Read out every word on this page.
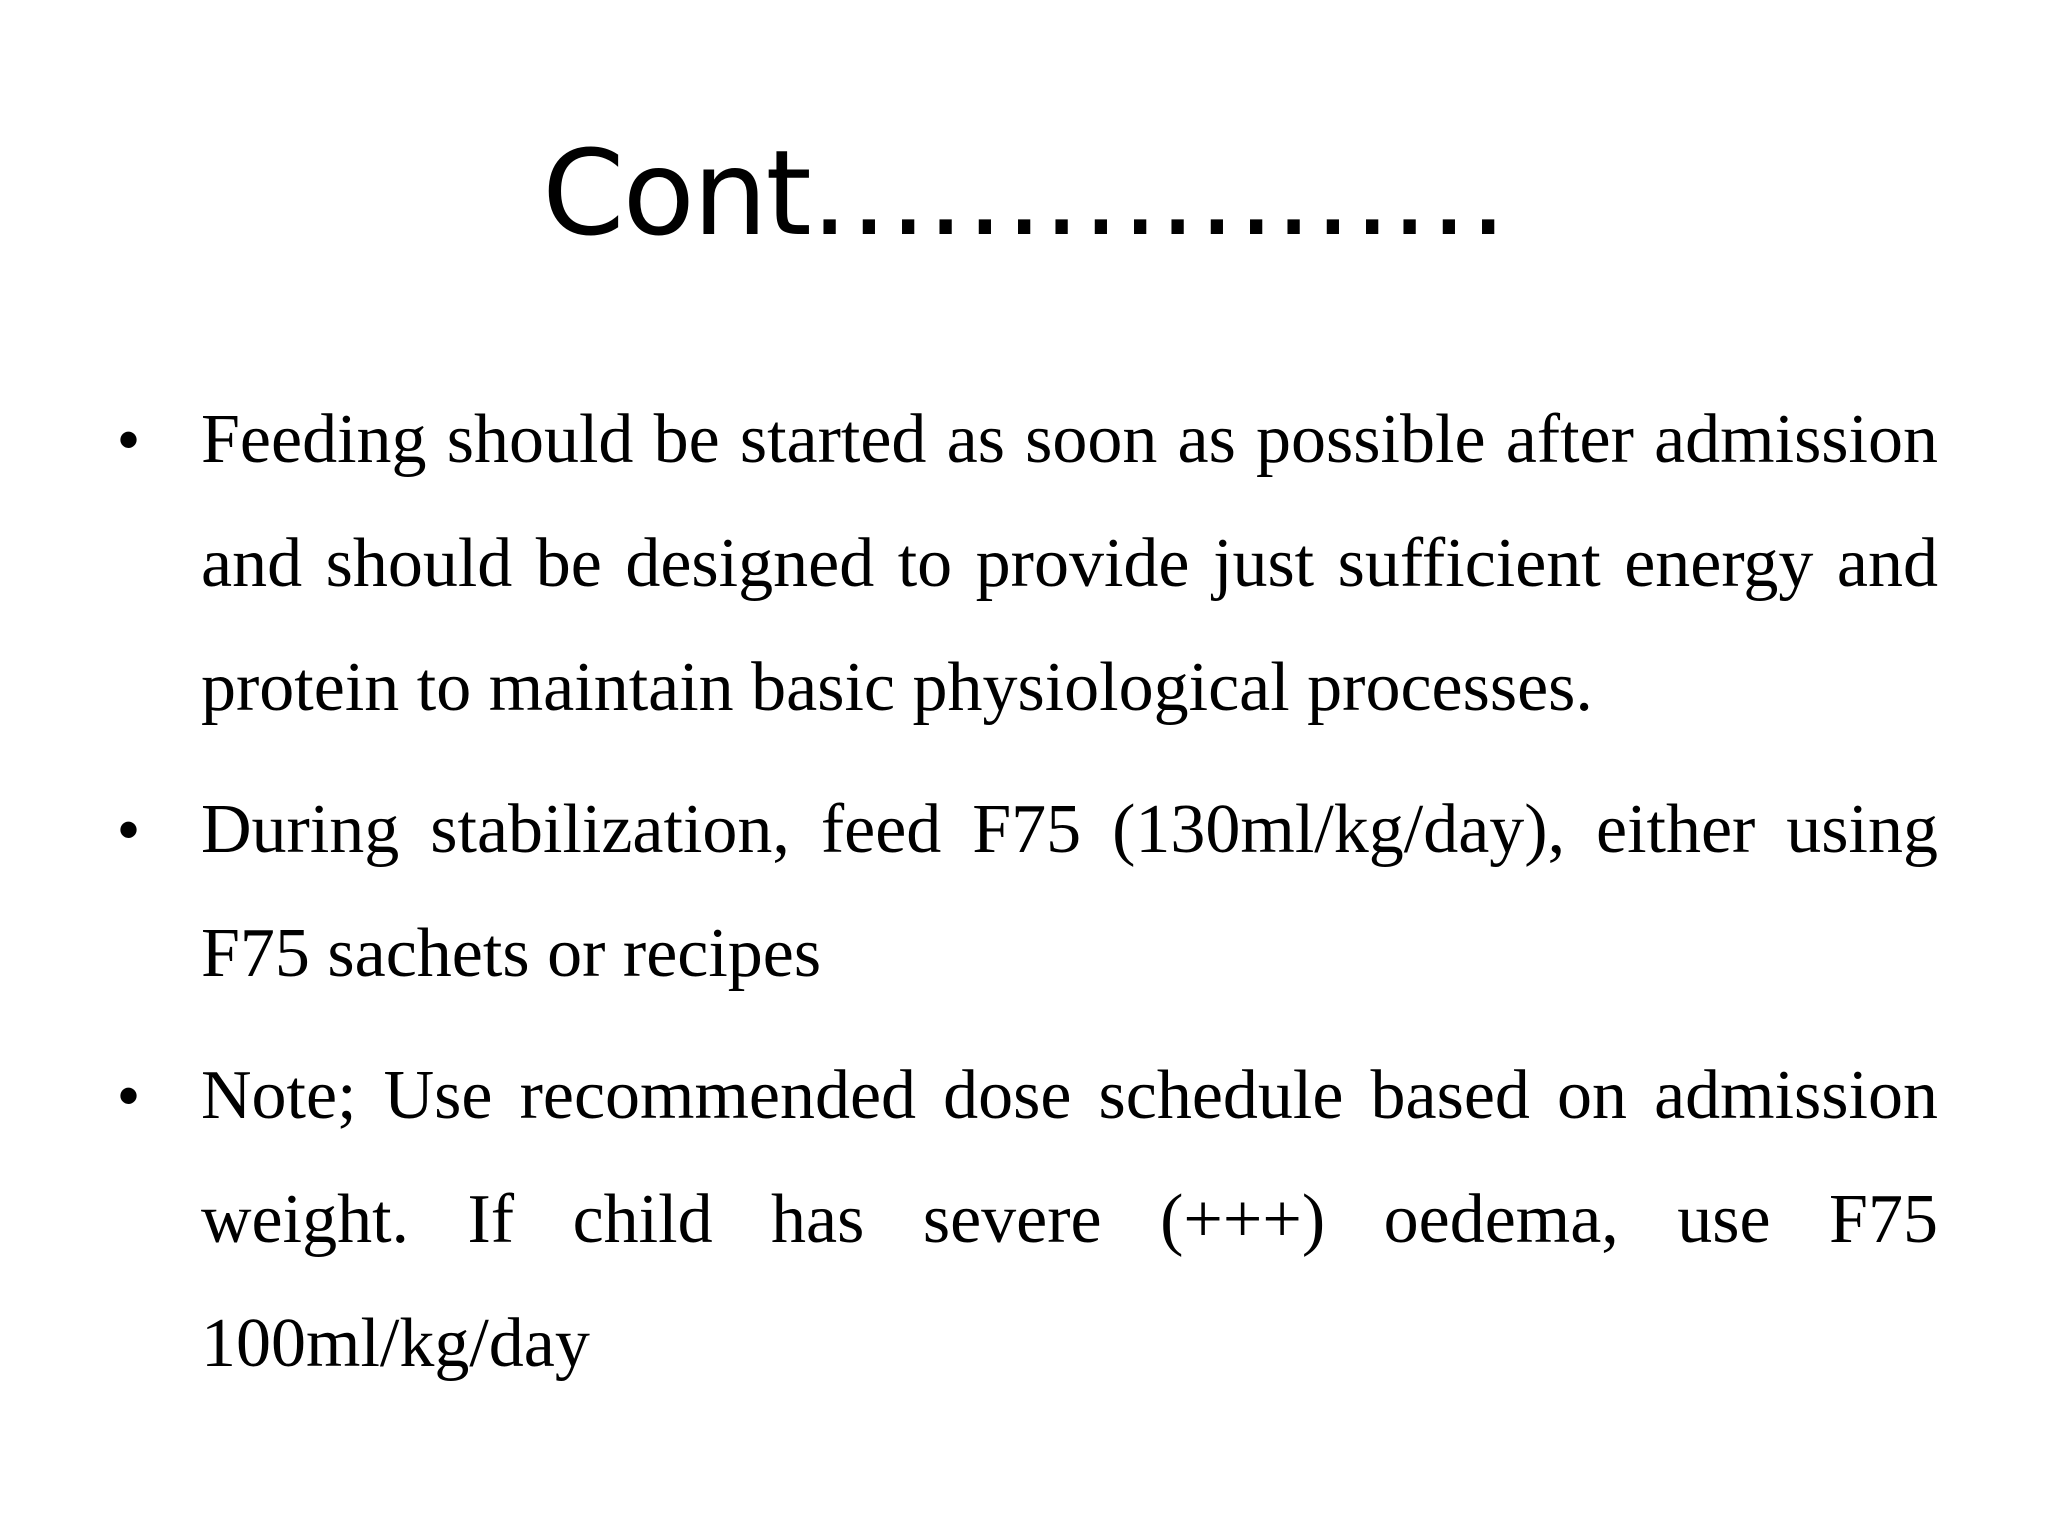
Cont………………
• Feeding should be started as soon as possible after admission and should be designed to provide just sufficient energy and protein to maintain basic physiological processes.
• During stabilization, feed F75 (130ml/kg/day), either using F75 sachets or recipes
• Note; Use recommended dose schedule based on admission weight. If child has severe (+++) oedema, use F75 100ml/kg/day
